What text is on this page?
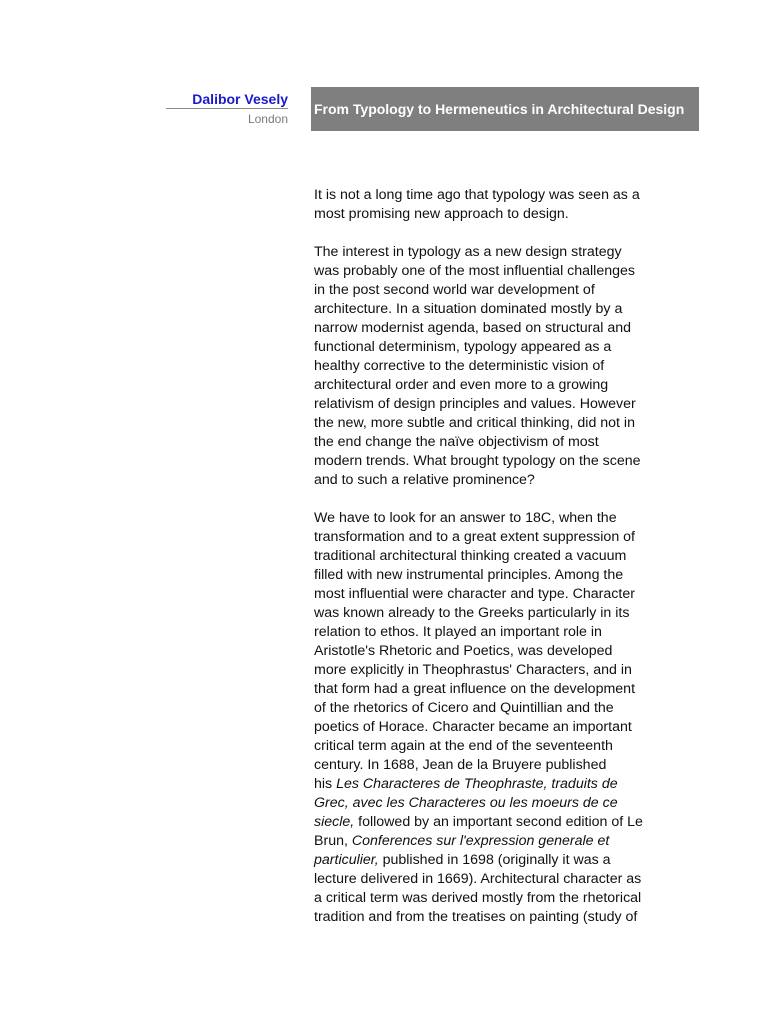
Dalibor Vesely
London
From Typology to Hermeneutics in Architectural Design

It is not a long time ago that typology was seen as a
most promising new approach to design.

The interest in typology as a new design strategy
was probably one of the most influential challenges
in the post second world war development of
architecture. In a situation dominated mostly by a
narrow modernist agenda, based on structural and
functional determinism, typology appeared as a
healthy corrective to the deterministic vision of
architectural order and even more to a growing
relativism of design principles and values. However
the new, more subtle and critical thinking, did not in
the end change the naïve objectivism of most
modern trends. What brought typology on the scene
and to such a relative prominence?

We have to look for an answer to 18C, when the
transformation and to a great extent suppression of
traditional architectural thinking created a vacuum
filled with new instrumental principles. Among the
most influential were character and type. Character
was known already to the Greeks particularly in its
relation to ethos. It played an important role in
Aristotle's Rhetoric and Poetics, was developed
more explicitly in Theophrastus' Characters, and in
that form had a great influence on the development
of the rhetorics of Cicero and Quintillian and the
poetics of Horace. Character became an important
critical term again at the end of the seventeenth
century. In 1688, Jean de la Bruyere published
his Les Characteres de Theophraste, traduits de
Grec, avec les Characteres ou les moeurs de ce
siecle, followed by an important second edition of Le
Brun, Conferences sur l'expression generale et
particulier, published in 1698 (originally it was a
lecture delivered in 1669). Architectural character as
a critical term was derived mostly from the rhetorical
tradition and from the treatises on painting (study of
